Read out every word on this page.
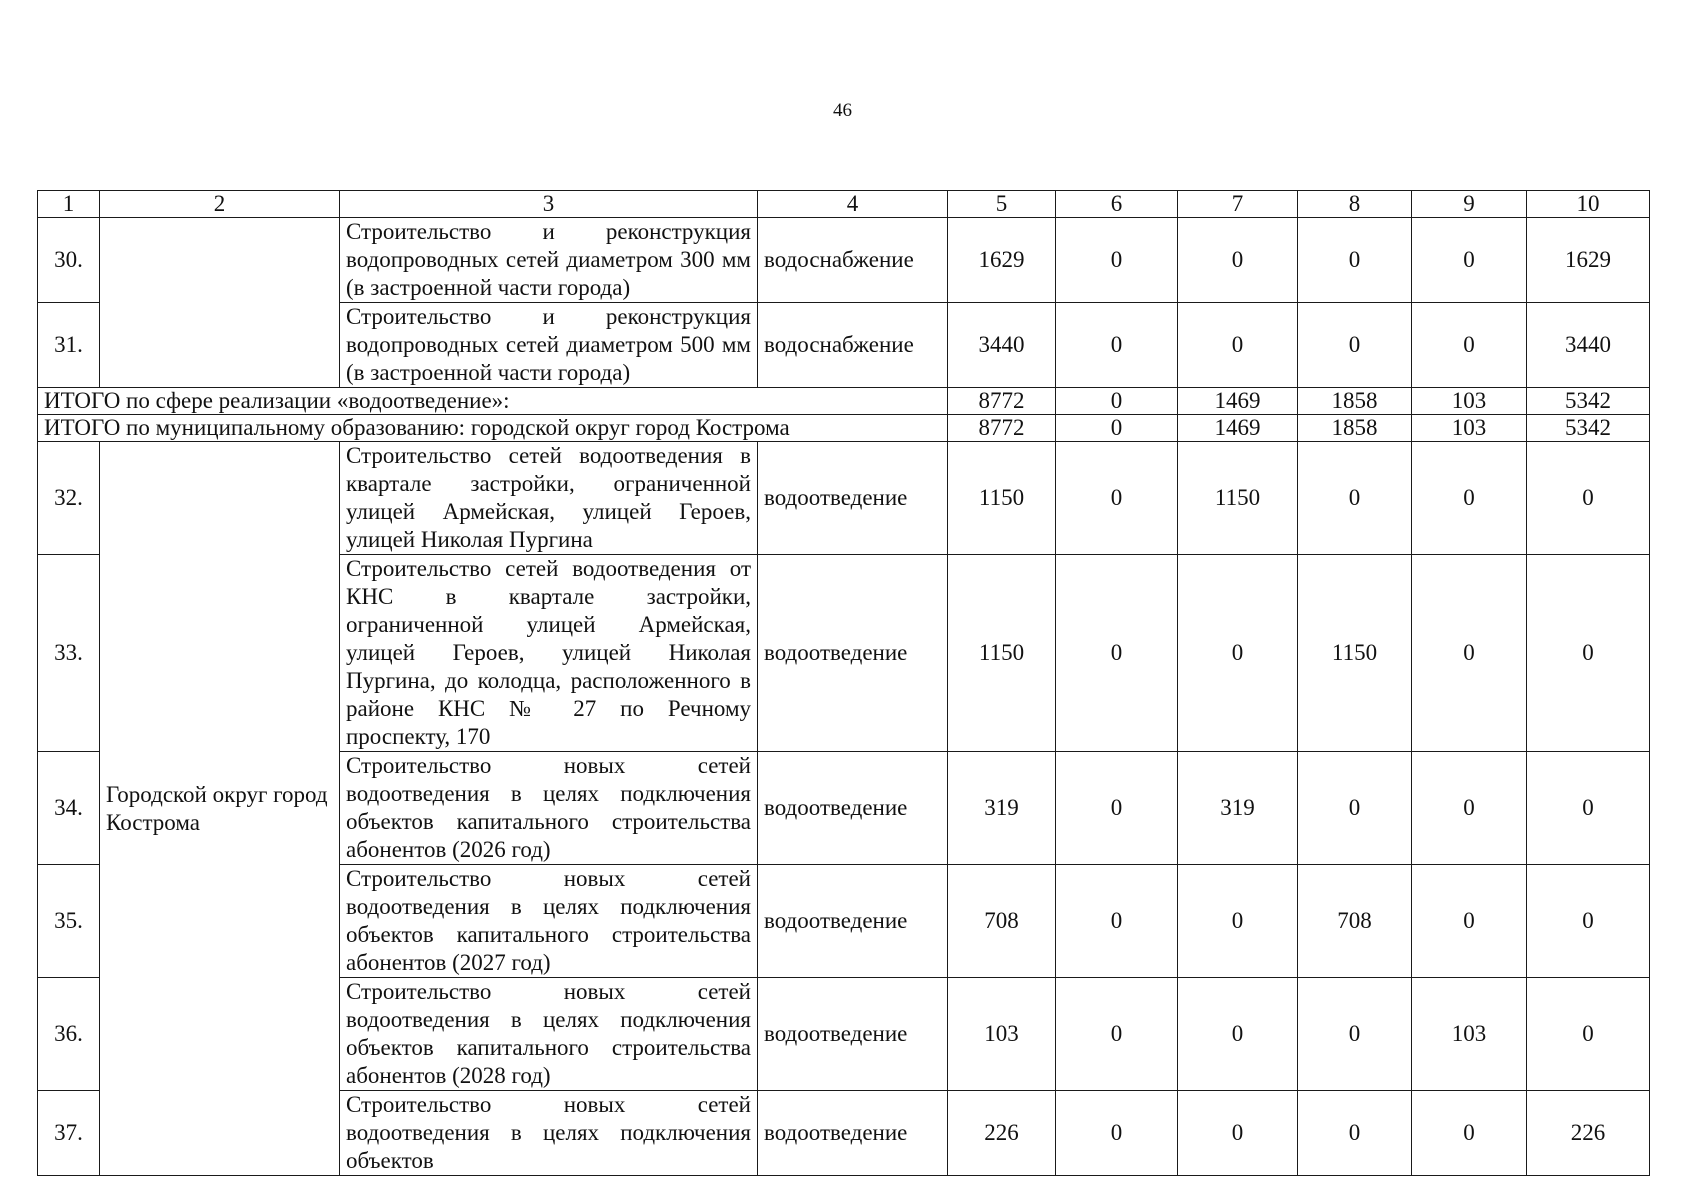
46
1	2	3	4	5	6	7	8	9	10
30.		Строительство и реконструкция водопроводных сетей диаметром 300 мм (в застроенной части города)	водоснабжение	1629	0	0	0	0	1629
31.		Строительство и реконструкция водопроводных сетей диаметром 500 мм (в застроенной части города)	водоснабжение	3440	0	0	0	0	3440
ИТОГО по сфере реализации «водоотведение»:				8772	0	1469	1858	103	5342
ИТОГО по муниципальному образованию: городской округ город Кострома				8772	0	1469	1858	103	5342
32.	Городской округ город Кострома	Строительство сетей водоотведения в квартале застройки, ограниченной улицей Армейская, улицей Героев, улицей Николая Пургина	водоотведение	1150	0	1150	0	0	0
33.		Строительство сетей водоотведения от КНС в квартале застройки, ограниченной улицей Армейская, улицей Героев, улицей Николая Пургина, до колодца, расположенного в районе КНС № 27 по Речному проспекту, 170	водоотведение	1150	0	0	1150	0	0
34.		Строительство новых сетей водоотведения в целях подключения объектов капитального строительства абонентов (2026 год)	водоотведение	319	0	319	0	0	0
35.		Строительство новых сетей водоотведения в целях подключения объектов капитального строительства абонентов (2027 год)	водоотведение	708	0	0	708	0	0
36.		Строительство новых сетей водоотведения в целях подключения объектов капитального строительства абонентов (2028 год)	водоотведение	103	0	0	0	103	0
37.		Строительство новых сетей водоотведения в целях подключения объектов	водоотведение	226	0	0	0	0	226
